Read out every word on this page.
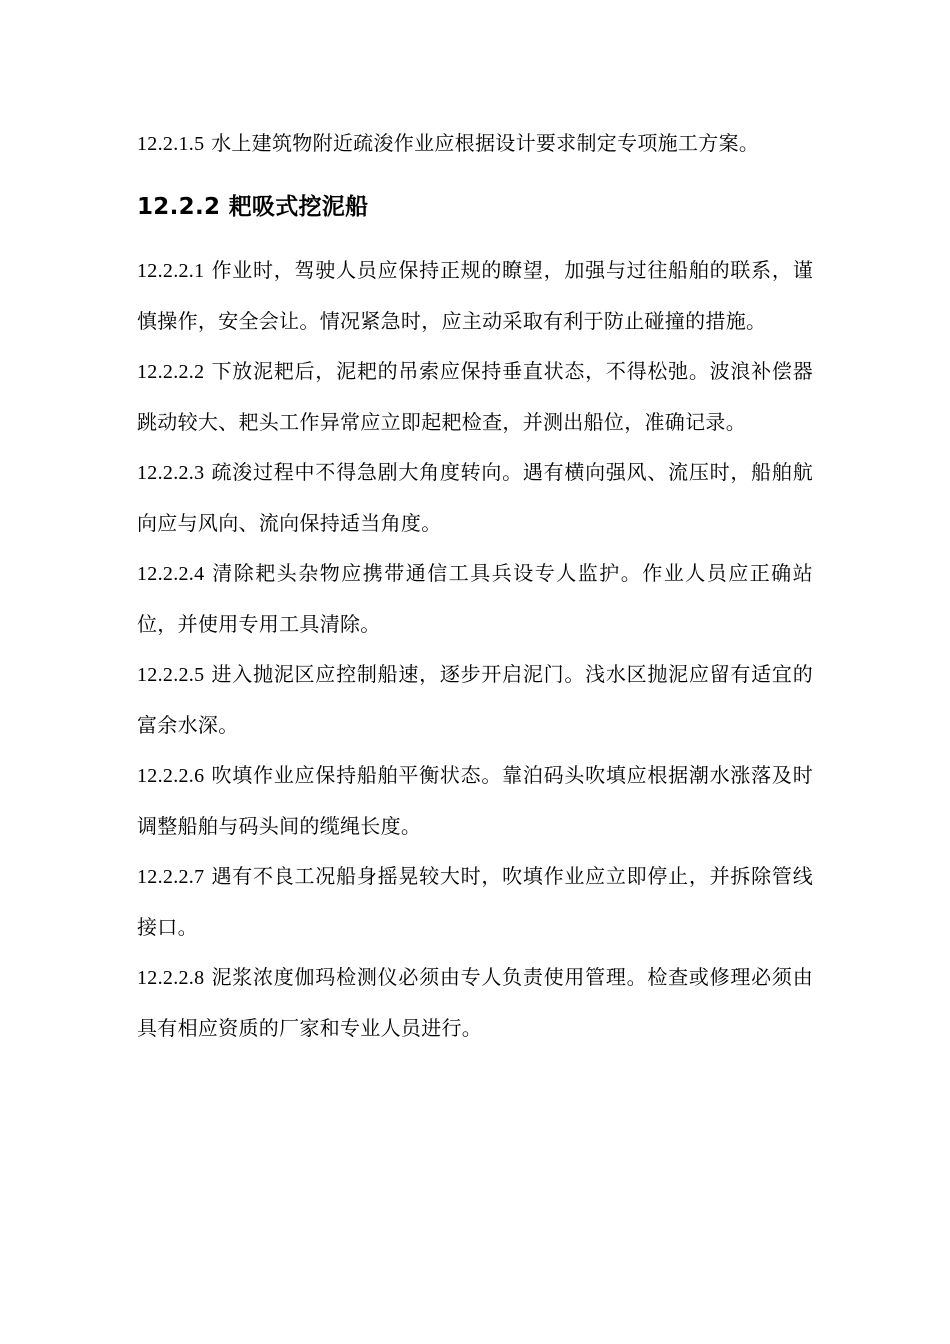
12.2.1.5 水上建筑物附近疏浚作业应根据设计要求制定专项施工方案。

12.2.2 耙吸式挖泥船

12.2.2.1 作业时，驾驶人员应保持正规的瞭望，加强与过往船舶的联系，谨慎操作，安全会让。情况紧急时，应主动采取有利于防止碰撞的措施。

12.2.2.2 下放泥耙后，泥耙的吊索应保持垂直状态，不得松弛。波浪补偿器跳动较大、耙头工作异常应立即起耙检查，并测出船位，准确记录。

12.2.2.3 疏浚过程中不得急剧大角度转向。遇有横向强风、流压时，船舶航向应与风向、流向保持适当角度。

12.2.2.4 清除耙头杂物应携带通信工具兵设专人监护。作业人员应正确站位，并使用专用工具清除。

12.2.2.5 进入抛泥区应控制船速，逐步开启泥门。浅水区抛泥应留有适宜的富余水深。

12.2.2.6 吹填作业应保持船舶平衡状态。靠泊码头吹填应根据潮水涨落及时调整船舶与码头间的缆绳长度。

12.2.2.7 遇有不良工况船身摇晃较大时，吹填作业应立即停止，并拆除管线接口。

12.2.2.8 泥浆浓度伽玛检测仪必须由专人负责使用管理。检查或修理必须由具有相应资质的厂家和专业人员进行。
